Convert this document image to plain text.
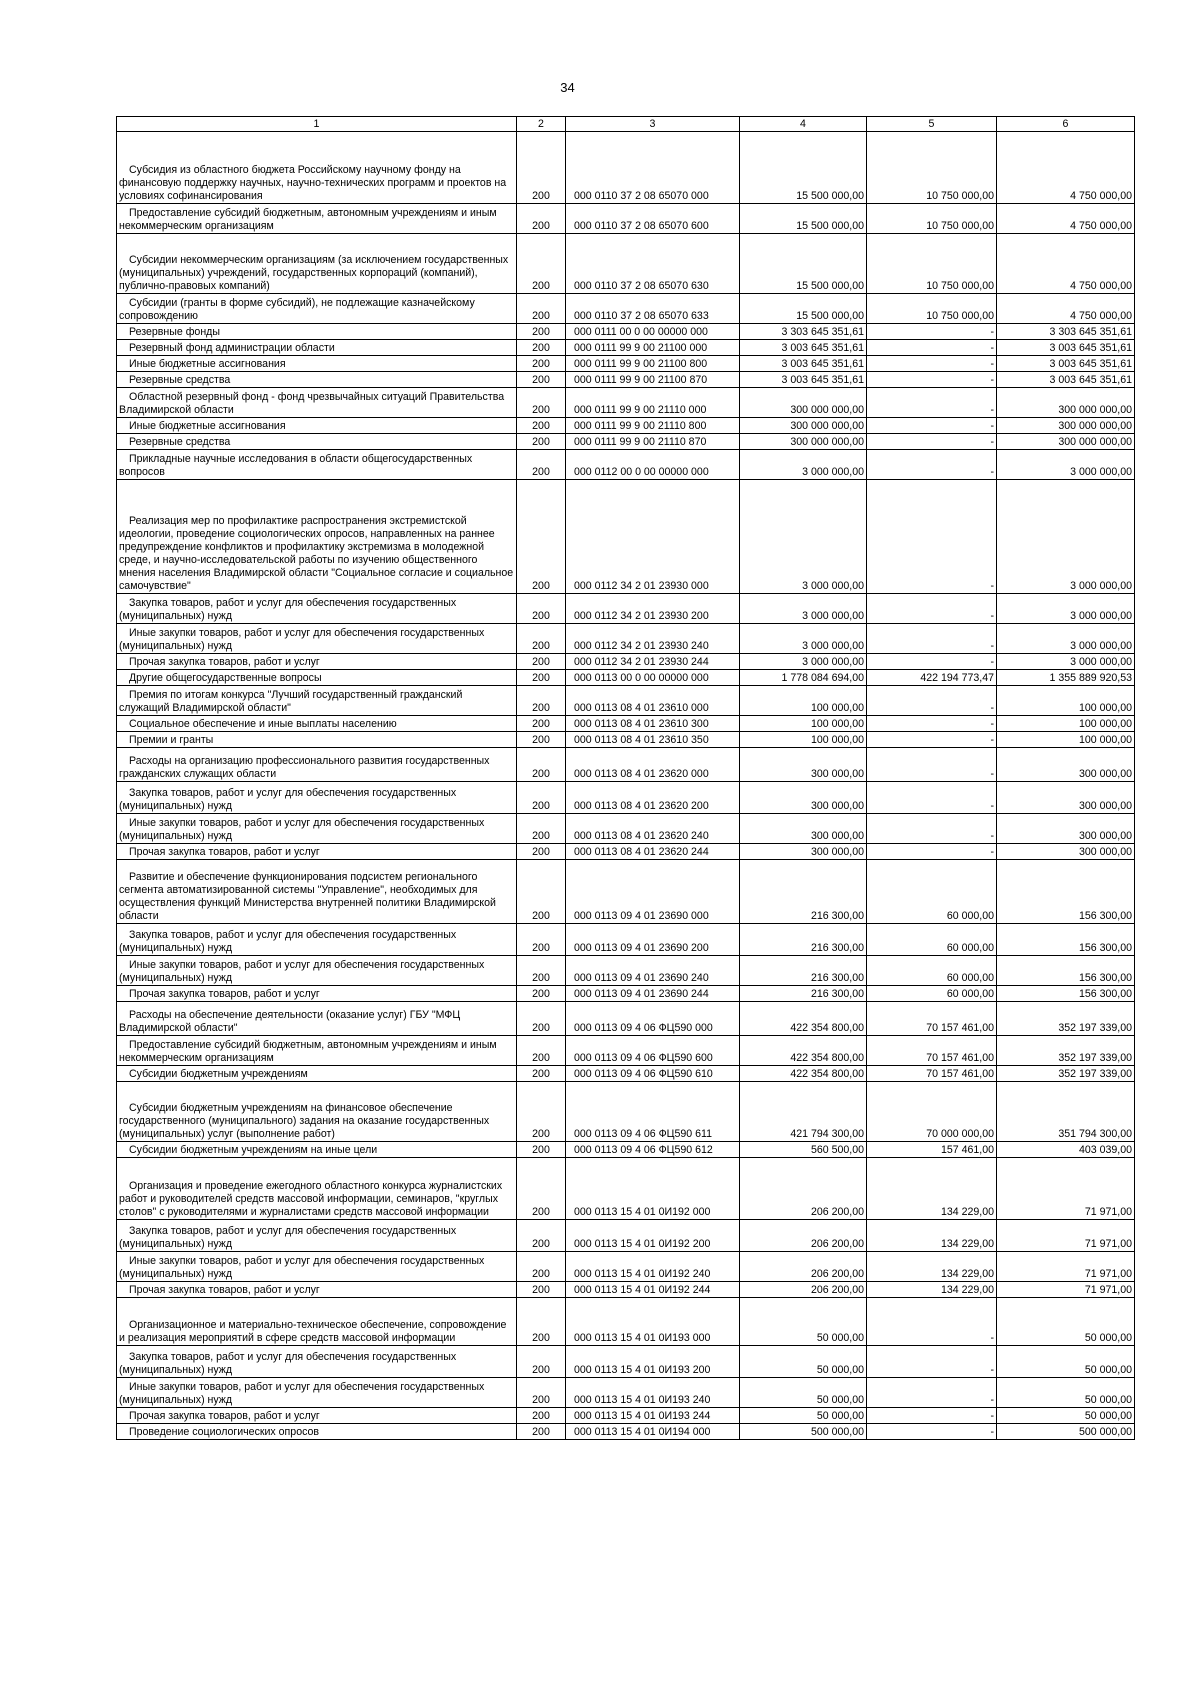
34
1	2	3	4	5	6
Субсидия из областного бюджета Российскому научному фонду на финансовую поддержку научных, научно-технических программ и проектов на условиях софинансирования	200	000 0110 37 2 08 65070 000	15 500 000,00	10 750 000,00	4 750 000,00
Предоставление субсидий бюджетным, автономным учреждениям и иным некоммерческим организациям	200	000 0110 37 2 08 65070 600	15 500 000,00	10 750 000,00	4 750 000,00
Субсидии некоммерческим организациям (за исключением государственных (муниципальных) учреждений, государственных корпораций (компаний), публично-правовых компаний)	200	000 0110 37 2 08 65070 630	15 500 000,00	10 750 000,00	4 750 000,00
Субсидии (гранты в форме субсидий), не подлежащие казначейскому сопровождению	200	000 0110 37 2 08 65070 633	15 500 000,00	10 750 000,00	4 750 000,00
Резервные фонды	200	000 0111 00 0 00 00000 000	3 303 645 351,61	-	3 303 645 351,61
Резервный фонд администрации области	200	000 0111 99 9 00 21100 000	3 003 645 351,61	-	3 003 645 351,61
Иные бюджетные ассигнования	200	000 0111 99 9 00 21100 800	3 003 645 351,61	-	3 003 645 351,61
Резервные средства	200	000 0111 99 9 00 21100 870	3 003 645 351,61	-	3 003 645 351,61
Областной резервный фонд - фонд чрезвычайных ситуаций Правительства Владимирской области	200	000 0111 99 9 00 21110 000	300 000 000,00	-	300 000 000,00
Иные бюджетные ассигнования	200	000 0111 99 9 00 21110 800	300 000 000,00	-	300 000 000,00
Резервные средства	200	000 0111 99 9 00 21110 870	300 000 000,00	-	300 000 000,00
Прикладные научные исследования в области общегосударственных вопросов	200	000 0112 00 0 00 00000 000	3 000 000,00	-	3 000 000,00
Реализация мер по профилактике распространения экстремистской идеологии, проведение социологических опросов, направленных на раннее предупреждение конфликтов и профилактику экстремизма в молодежной среде, и научно-исследовательской работы по изучению общественного мнения населения Владимирской области "Социальное согласие и социальное самочувствие"	200	000 0112 34 2 01 23930 000	3 000 000,00	-	3 000 000,00
Закупка товаров, работ и услуг для обеспечения государственных (муниципальных) нужд	200	000 0112 34 2 01 23930 200	3 000 000,00	-	3 000 000,00
Иные закупки товаров, работ и услуг для обеспечения государственных (муниципальных) нужд	200	000 0112 34 2 01 23930 240	3 000 000,00	-	3 000 000,00
Прочая закупка товаров, работ и услуг	200	000 0112 34 2 01 23930 244	3 000 000,00	-	3 000 000,00
Другие общегосударственные вопросы	200	000 0113 00 0 00 00000 000	1 778 084 694,00	422 194 773,47	1 355 889 920,53
Премия по итогам конкурса "Лучший государственный гражданский служащий Владимирской области"	200	000 0113 08 4 01 23610 000	100 000,00	-	100 000,00
Социальное обеспечение и иные выплаты населению	200	000 0113 08 4 01 23610 300	100 000,00	-	100 000,00
Премии и гранты	200	000 0113 08 4 01 23610 350	100 000,00	-	100 000,00
Расходы на организацию профессионального развития государственных гражданских служащих области	200	000 0113 08 4 01 23620 000	300 000,00	-	300 000,00
Закупка товаров, работ и услуг для обеспечения государственных (муниципальных) нужд	200	000 0113 08 4 01 23620 200	300 000,00	-	300 000,00
Иные закупки товаров, работ и услуг для обеспечения государственных (муниципальных) нужд	200	000 0113 08 4 01 23620 240	300 000,00	-	300 000,00
Прочая закупка товаров, работ и услуг	200	000 0113 08 4 01 23620 244	300 000,00	-	300 000,00
Развитие и обеспечение функционирования подсистем регионального сегмента автоматизированной системы "Управление", необходимых для осуществления функций Министерства внутренней политики Владимирской области	200	000 0113 09 4 01 23690 000	216 300,00	60 000,00	156 300,00
Закупка товаров, работ и услуг для обеспечения государственных (муниципальных) нужд	200	000 0113 09 4 01 23690 200	216 300,00	60 000,00	156 300,00
Иные закупки товаров, работ и услуг для обеспечения государственных (муниципальных) нужд	200	000 0113 09 4 01 23690 240	216 300,00	60 000,00	156 300,00
Прочая закупка товаров, работ и услуг	200	000 0113 09 4 01 23690 244	216 300,00	60 000,00	156 300,00
Расходы на обеспечение деятельности (оказание услуг) ГБУ "МФЦ Владимирской области"	200	000 0113 09 4 06 ФЦ590 000	422 354 800,00	70 157 461,00	352 197 339,00
Предоставление субсидий бюджетным, автономным учреждениям и иным некоммерческим организациям	200	000 0113 09 4 06 ФЦ590 600	422 354 800,00	70 157 461,00	352 197 339,00
Субсидии бюджетным учреждениям	200	000 0113 09 4 06 ФЦ590 610	422 354 800,00	70 157 461,00	352 197 339,00
Субсидии бюджетным учреждениям на финансовое обеспечение государственного (муниципального) задания на оказание государственных (муниципальных) услуг (выполнение работ)	200	000 0113 09 4 06 ФЦ590 611	421 794 300,00	70 000 000,00	351 794 300,00
Субсидии бюджетным учреждениям на иные цели	200	000 0113 09 4 06 ФЦ590 612	560 500,00	157 461,00	403 039,00
Организация и проведение ежегодного областного конкурса журналистских работ и руководителей средств массовой информации, семинаров, "круглых столов" с руководителями и журналистами средств массовой информации	200	000 0113 15 4 01 0И192 000	206 200,00	134 229,00	71 971,00
Закупка товаров, работ и услуг для обеспечения государственных (муниципальных) нужд	200	000 0113 15 4 01 0И192 200	206 200,00	134 229,00	71 971,00
Иные закупки товаров, работ и услуг для обеспечения государственных (муниципальных) нужд	200	000 0113 15 4 01 0И192 240	206 200,00	134 229,00	71 971,00
Прочая закупка товаров, работ и услуг	200	000 0113 15 4 01 0И192 244	206 200,00	134 229,00	71 971,00
Организационное и материально-техническое обеспечение, сопровождение и реализация мероприятий в сфере средств массовой информации	200	000 0113 15 4 01 0И193 000	50 000,00	-	50 000,00
Закупка товаров, работ и услуг для обеспечения государственных (муниципальных) нужд	200	000 0113 15 4 01 0И193 200	50 000,00	-	50 000,00
Иные закупки товаров, работ и услуг для обеспечения государственных (муниципальных) нужд	200	000 0113 15 4 01 0И193 240	50 000,00	-	50 000,00
Прочая закупка товаров, работ и услуг	200	000 0113 15 4 01 0И193 244	50 000,00	-	50 000,00
Проведение социологических опросов	200	000 0113 15 4 01 0И194 000	500 000,00	-	500 000,00
